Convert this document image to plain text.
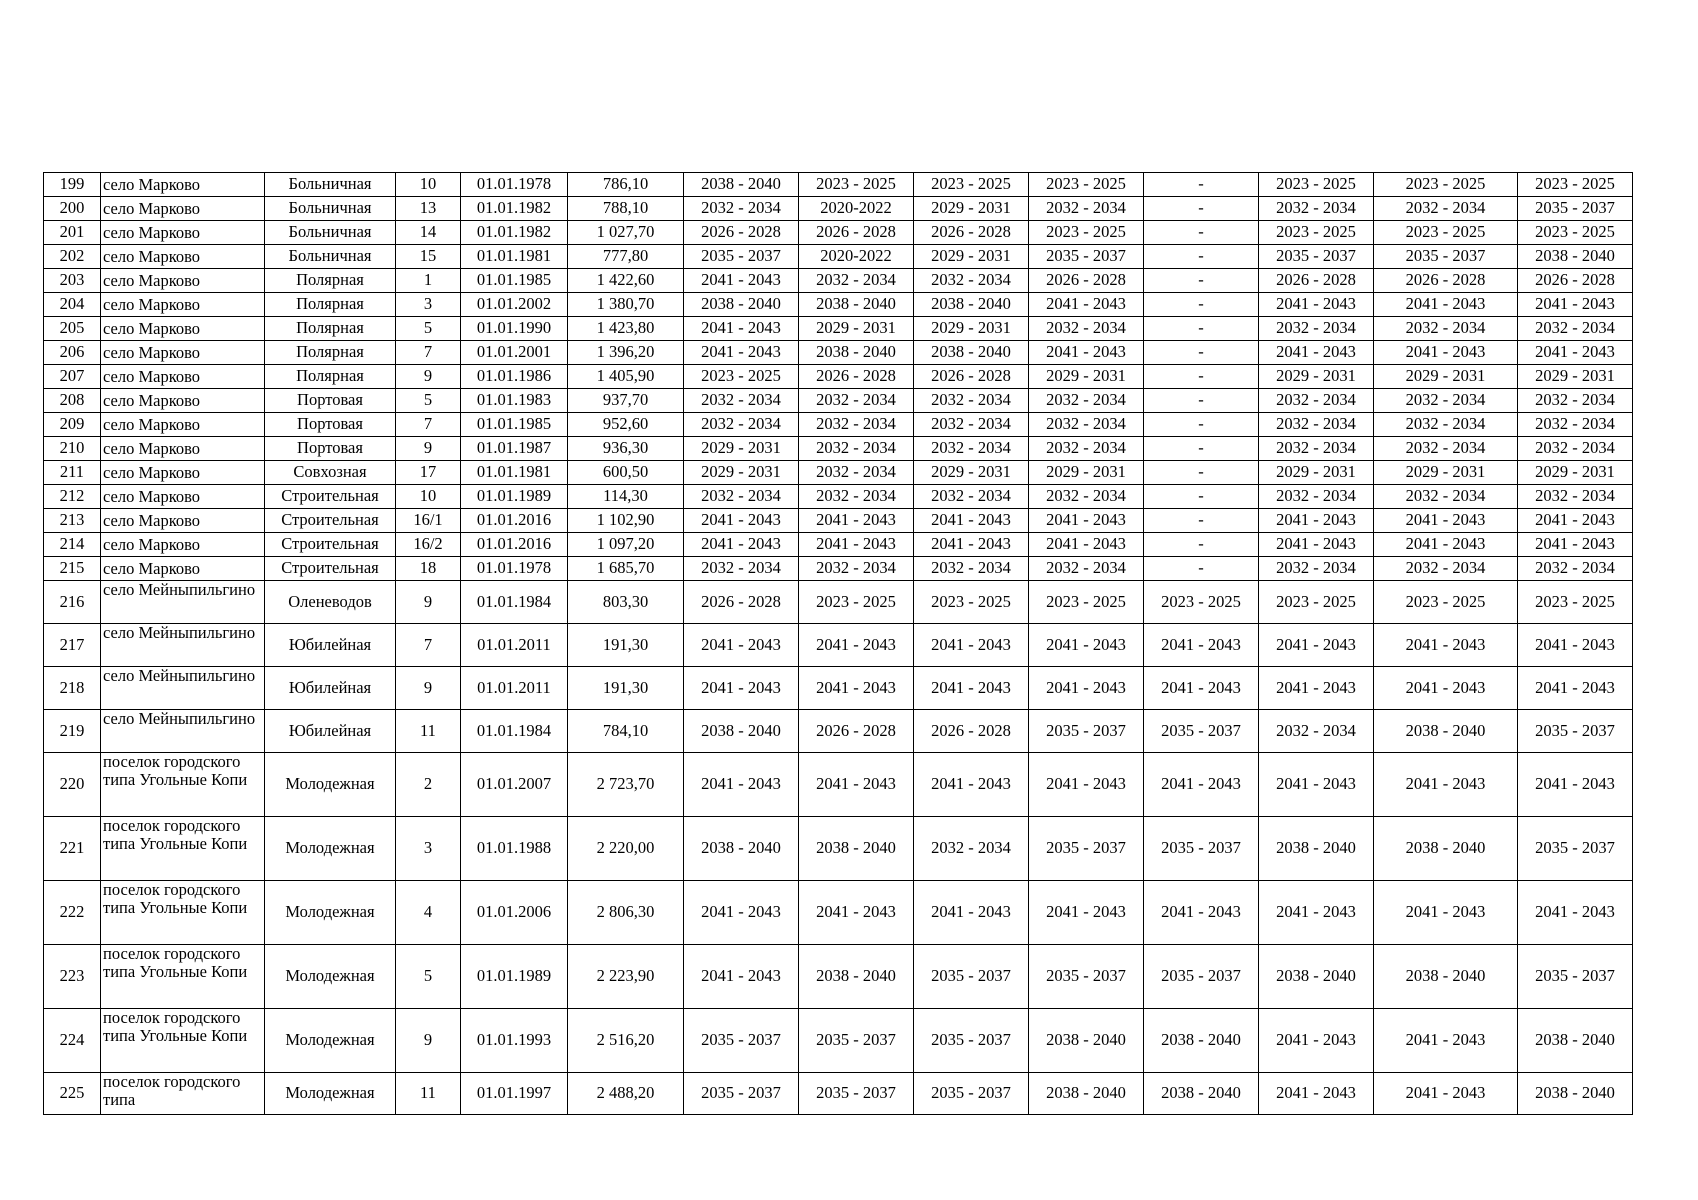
199	село Марково	Больничная	10	01.01.1978	786,10	2038 - 2040	2023 - 2025	2023 - 2025	2023 - 2025	-	2023 - 2025	2023 - 2025	2023 - 2025
200	село Марково	Больничная	13	01.01.1982	788,10	2032 - 2034	2020-2022	2029 - 2031	2032 - 2034	-	2032 - 2034	2032 - 2034	2035 - 2037
201	село Марково	Больничная	14	01.01.1982	1 027,70	2026 - 2028	2026 - 2028	2026 - 2028	2023 - 2025	-	2023 - 2025	2023 - 2025	2023 - 2025
202	село Марково	Больничная	15	01.01.1981	777,80	2035 - 2037	2020-2022	2029 - 2031	2035 - 2037	-	2035 - 2037	2035 - 2037	2038 - 2040
203	село Марково	Полярная	1	01.01.1985	1 422,60	2041 - 2043	2032 - 2034	2032 - 2034	2026 - 2028	-	2026 - 2028	2026 - 2028	2026 - 2028
204	село Марково	Полярная	3	01.01.2002	1 380,70	2038 - 2040	2038 - 2040	2038 - 2040	2041 - 2043	-	2041 - 2043	2041 - 2043	2041 - 2043
205	село Марково	Полярная	5	01.01.1990	1 423,80	2041 - 2043	2029 - 2031	2029 - 2031	2032 - 2034	-	2032 - 2034	2032 - 2034	2032 - 2034
206	село Марково	Полярная	7	01.01.2001	1 396,20	2041 - 2043	2038 - 2040	2038 - 2040	2041 - 2043	-	2041 - 2043	2041 - 2043	2041 - 2043
207	село Марково	Полярная	9	01.01.1986	1 405,90	2023 - 2025	2026 - 2028	2026 - 2028	2029 - 2031	-	2029 - 2031	2029 - 2031	2029 - 2031
208	село Марково	Портовая	5	01.01.1983	937,70	2032 - 2034	2032 - 2034	2032 - 2034	2032 - 2034	-	2032 - 2034	2032 - 2034	2032 - 2034
209	село Марково	Портовая	7	01.01.1985	952,60	2032 - 2034	2032 - 2034	2032 - 2034	2032 - 2034	-	2032 - 2034	2032 - 2034	2032 - 2034
210	село Марково	Портовая	9	01.01.1987	936,30	2029 - 2031	2032 - 2034	2032 - 2034	2032 - 2034	-	2032 - 2034	2032 - 2034	2032 - 2034
211	село Марково	Совхозная	17	01.01.1981	600,50	2029 - 2031	2032 - 2034	2029 - 2031	2029 - 2031	-	2029 - 2031	2029 - 2031	2029 - 2031
212	село Марково	Строительная	10	01.01.1989	114,30	2032 - 2034	2032 - 2034	2032 - 2034	2032 - 2034	-	2032 - 2034	2032 - 2034	2032 - 2034
213	село Марково	Строительная	16/1	01.01.2016	1 102,90	2041 - 2043	2041 - 2043	2041 - 2043	2041 - 2043	-	2041 - 2043	2041 - 2043	2041 - 2043
214	село Марково	Строительная	16/2	01.01.2016	1 097,20	2041 - 2043	2041 - 2043	2041 - 2043	2041 - 2043	-	2041 - 2043	2041 - 2043	2041 - 2043
215	село Марково	Строительная	18	01.01.1978	1 685,70	2032 - 2034	2032 - 2034	2032 - 2034	2032 - 2034	-	2032 - 2034	2032 - 2034	2032 - 2034
216	село Мейныпильгино	Оленеводов	9	01.01.1984	803,30	2026 - 2028	2023 - 2025	2023 - 2025	2023 - 2025	2023 - 2025	2023 - 2025	2023 - 2025	2023 - 2025
217	село Мейныпильгино	Юбилейная	7	01.01.2011	191,30	2041 - 2043	2041 - 2043	2041 - 2043	2041 - 2043	2041 - 2043	2041 - 2043	2041 - 2043	2041 - 2043
218	село Мейныпильгино	Юбилейная	9	01.01.2011	191,30	2041 - 2043	2041 - 2043	2041 - 2043	2041 - 2043	2041 - 2043	2041 - 2043	2041 - 2043	2041 - 2043
219	село Мейныпильгино	Юбилейная	11	01.01.1984	784,10	2038 - 2040	2026 - 2028	2026 - 2028	2035 - 2037	2035 - 2037	2032 - 2034	2038 - 2040	2035 - 2037
220	поселок городского типа Угольные Копи	Молодежная	2	01.01.2007	2 723,70	2041 - 2043	2041 - 2043	2041 - 2043	2041 - 2043	2041 - 2043	2041 - 2043	2041 - 2043	2041 - 2043
221	поселок городского типа Угольные Копи	Молодежная	3	01.01.1988	2 220,00	2038 - 2040	2038 - 2040	2032 - 2034	2035 - 2037	2035 - 2037	2038 - 2040	2038 - 2040	2035 - 2037
222	поселок городского типа Угольные Копи	Молодежная	4	01.01.2006	2 806,30	2041 - 2043	2041 - 2043	2041 - 2043	2041 - 2043	2041 - 2043	2041 - 2043	2041 - 2043	2041 - 2043
223	поселок городского типа Угольные Копи	Молодежная	5	01.01.1989	2 223,90	2041 - 2043	2038 - 2040	2035 - 2037	2035 - 2037	2035 - 2037	2038 - 2040	2038 - 2040	2035 - 2037
224	поселок городского типа Угольные Копи	Молодежная	9	01.01.1993	2 516,20	2035 - 2037	2035 - 2037	2035 - 2037	2038 - 2040	2038 - 2040	2041 - 2043	2041 - 2043	2038 - 2040
225	поселок городского типа	Молодежная	11	01.01.1997	2 488,20	2035 - 2037	2035 - 2037	2035 - 2037	2038 - 2040	2038 - 2040	2041 - 2043	2041 - 2043	2038 - 2040
